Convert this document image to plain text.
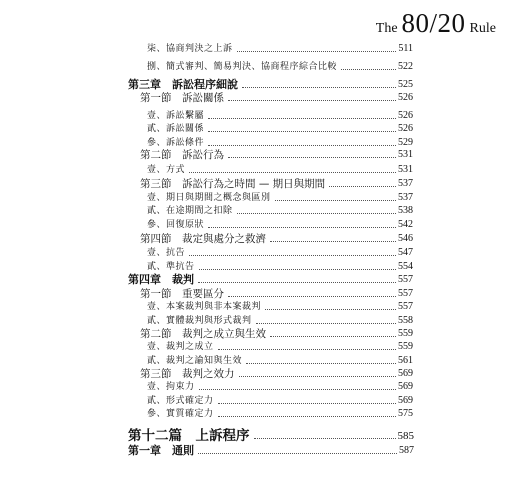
The 80/20 Rule
柒、協商判決之上訴	511
捌、簡式審判、簡易判決、協商程序綜合比較	522
第三章　訴訟程序細說	525
第一節　訴訟關係	526
壹、訴訟繫屬	526
貳、訴訟關係	526
參、訴訟條件	529
第二節　訴訟行為	531
壹、方式	531
第三節　訴訟行為之時間 — 期日與期間	537
壹、期日與期間之概念與區別	537
貳、在途期間之扣除	538
參、回復原狀	542
第四節　裁定與處分之救濟	546
壹、抗告	547
貳、準抗告	554
第四章　裁判	557
第一節　重要區分	557
壹、本案裁判與非本案裁判	557
貳、實體裁判與形式裁判	558
第二節　裁判之成立與生效	559
壹、裁判之成立	559
貳、裁判之諭知與生效	561
第三節　裁判之效力	569
壹、拘束力	569
貳、形式確定力	569
參、實質確定力	575
第十二篇　上訴程序	585
第一章　通則	587
